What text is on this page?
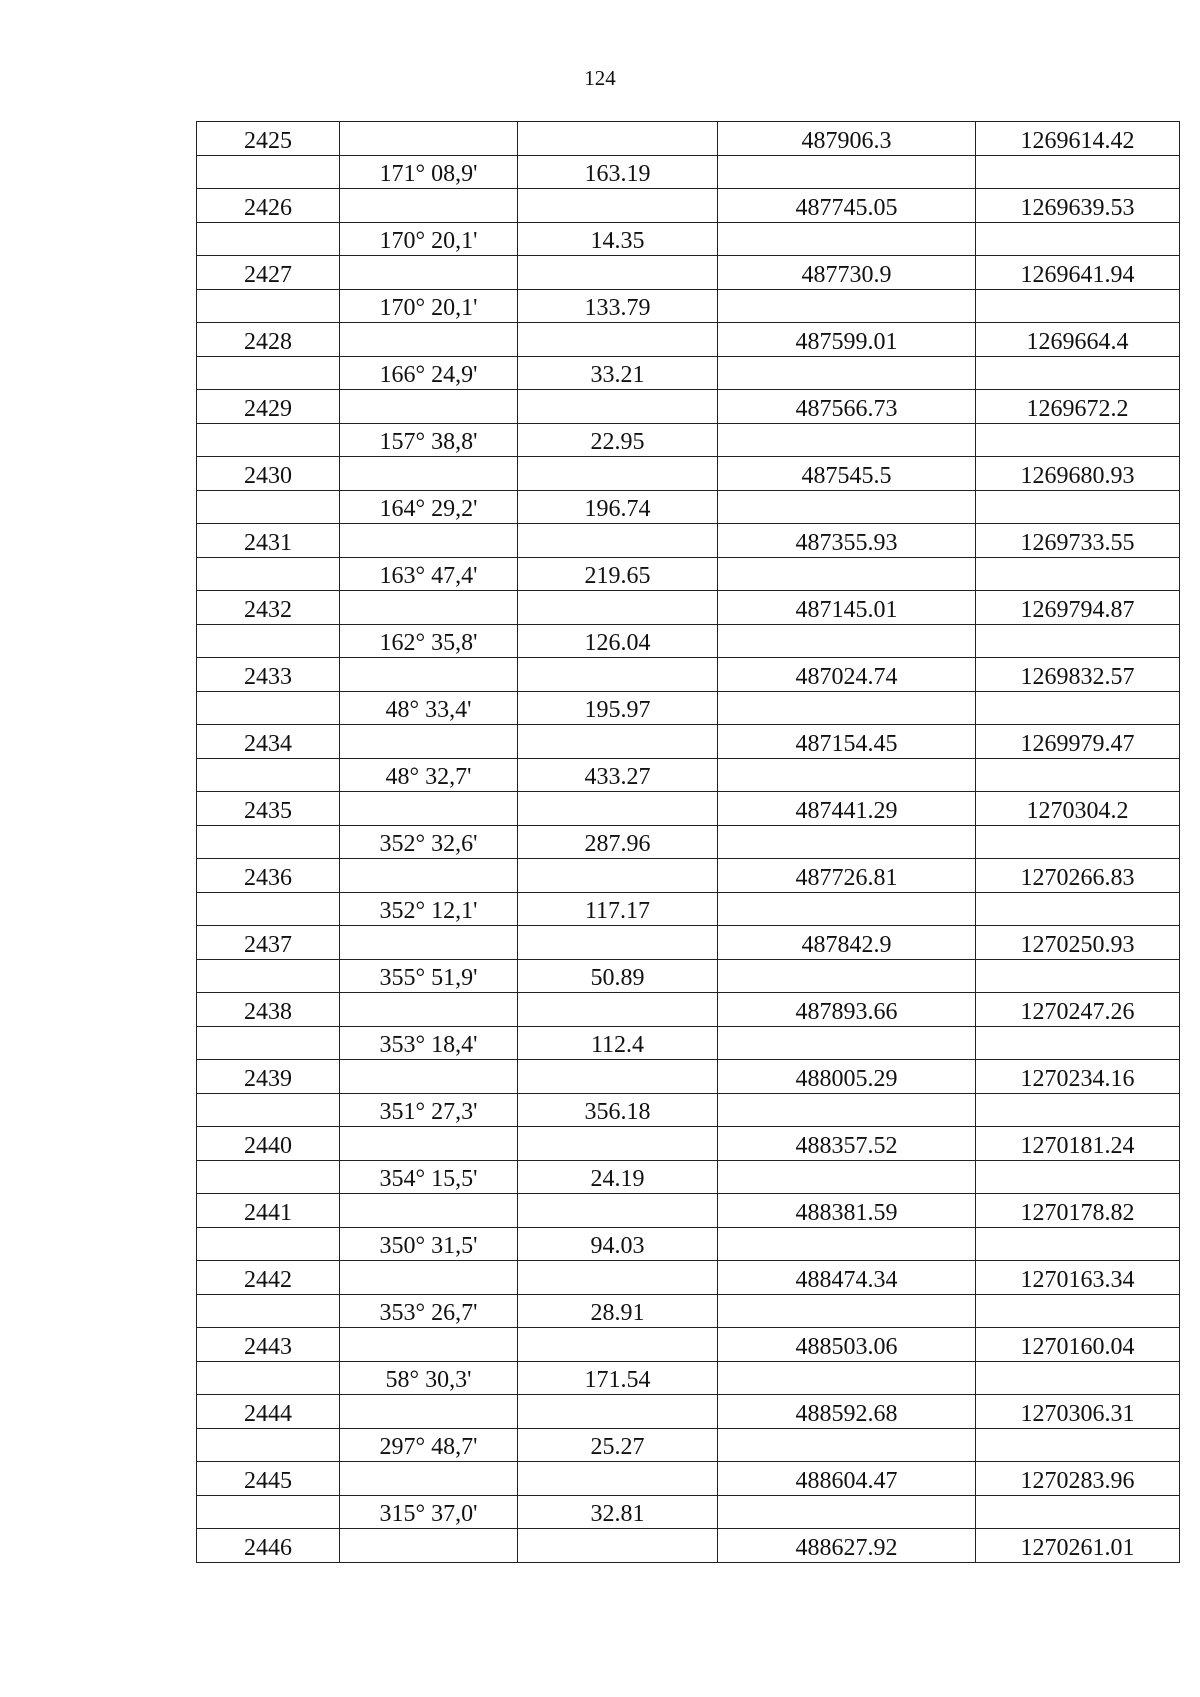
124
2425			487906.3	1269614.42
	171° 08,9'	163.19		
2426			487745.05	1269639.53
	170° 20,1'	14.35		
2427			487730.9	1269641.94
	170° 20,1'	133.79		
2428			487599.01	1269664.4
	166° 24,9'	33.21		
2429			487566.73	1269672.2
	157° 38,8'	22.95		
2430			487545.5	1269680.93
	164° 29,2'	196.74		
2431			487355.93	1269733.55
	163° 47,4'	219.65		
2432			487145.01	1269794.87
	162° 35,8'	126.04		
2433			487024.74	1269832.57
	48° 33,4'	195.97		
2434			487154.45	1269979.47
	48° 32,7'	433.27		
2435			487441.29	1270304.2
	352° 32,6'	287.96		
2436			487726.81	1270266.83
	352° 12,1'	117.17		
2437			487842.9	1270250.93
	355° 51,9'	50.89		
2438			487893.66	1270247.26
	353° 18,4'	112.4		
2439			488005.29	1270234.16
	351° 27,3'	356.18		
2440			488357.52	1270181.24
	354° 15,5'	24.19		
2441			488381.59	1270178.82
	350° 31,5'	94.03		
2442			488474.34	1270163.34
	353° 26,7'	28.91		
2443			488503.06	1270160.04
	58° 30,3'	171.54		
2444			488592.68	1270306.31
	297° 48,7'	25.27		
2445			488604.47	1270283.96
	315° 37,0'	32.81		
2446			488627.92	1270261.01
